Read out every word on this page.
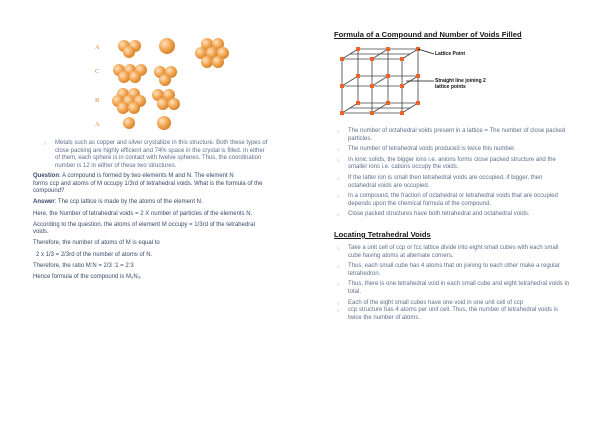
A
C
B
A
○ Metals such as copper and silver crystallize in this structure. Both these types of close packing are highly efficient and 74% space in the crystal is filled. In either of them, each sphere is in contact with twelve spheres. Thus, the coordination number is 12 in either of these two structures.

Question: A compound is formed by two elements M and N. The element N
forms ccp and atoms of M occupy 1/3rd of tetrahedral voids. What is the formula of the compound?

Answer: The ccp lattice is made by the atoms of the element N.

Here, the Number of tetrahedral voids = 2 X number of particles of the elements N.

According to the question, the atoms of element M occupy = 1/3rd of the tetrahedral voids.

Therefore, the number of atoms of M is equal to

2 x 1/3 = 2/3rd of the number of atoms of N.

Therefore, the ratio M:N = 2/3 :1 = 2:3

Hence formula of the compound is M₂N₃.

Formula of a Compound and Number of Voids Filled
Lattice Point
Straight line joining 2
lattice points
○ The number of octahedral voids present in a lattice = The number of close packed particles.
○ The number of tetrahedral voids produced is twice this number.
○ In ionic solids, the bigger ions i.e. anions forms close packed structure and the smaller ions i.e. cations occupy the voids.
○ If the latter ion is small then tetrahedral voids are occupied, if bigger, then octahedral voids are occupied.
○ In a compound, the fraction of octahedral or tetrahedral voids that are occupied depends upon the chemical formula of the compound.
○ Close packed structures have both tetrahedral and octahedral voids.
Locating Tetrahedral Voids
○ Take a unit cell of ccp or fcc lattice divide into eight small cubes with each small cube having atoms at alternate corners.
○ Thus, each small cube has 4 atoms that on joining to each other make a regular tetrahedron.
○ Thus, there is one tetrahedral void in each small cube and eight tetrahedral voids in total.
○ Each of the eight small cubes have one void in one unit cell of ccp
○ ccp structure has 4 atoms per unit cell. Thus, the number of tetrahedral voids is twice the number of atoms.
